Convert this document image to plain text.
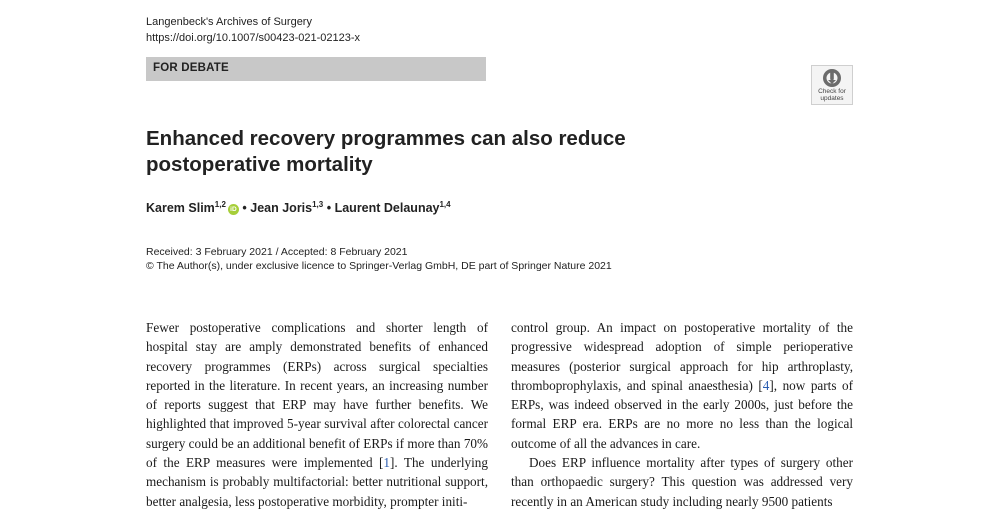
Langenbeck's Archives of Surgery
https://doi.org/10.1007/s00423-021-02123-x
FOR DEBATE
Check for
updates
Enhanced recovery programmes can also reduce postoperative mortality
Karem Slim$^{1,2}$iD • Jean Joris$^{1,3}$ • Laurent Delaunay$^{1,4}$
Received: 3 February 2021 / Accepted: 8 February 2021
© The Author(s), under exclusive licence to Springer-Verlag GmbH, DE part of Springer Nature 2021

Fewer postoperative complications and shorter length of hospital stay are amply demonstrated benefits of enhanced recovery programmes (ERPs) across surgical specialties reported in the literature. In recent years, an increasing number of reports suggest that ERP may have further benefits. We highlighted that improved 5-year survival after colorectal cancer surgery could be an additional benefit of ERPs if more than 70% of the ERP measures were implemented [1]. The underlying mechanism is probably multifactorial: better nutritional support, better analgesia, less postoperative morbidity, prompter initi-

control group. An impact on postoperative mortality of the progressive widespread adoption of simple perioperative measures (posterior surgical approach for hip arthroplasty, thromboprophylaxis, and spinal anaesthesia) [4], now parts of ERPs, was indeed observed in the early 2000s, just before the formal ERP era. ERPs are no more no less than the logical outcome of all the advances in care.

Does ERP influence mortality after types of surgery other than orthopaedic surgery? This question was addressed very recently in an American study including nearly 9500 patients
